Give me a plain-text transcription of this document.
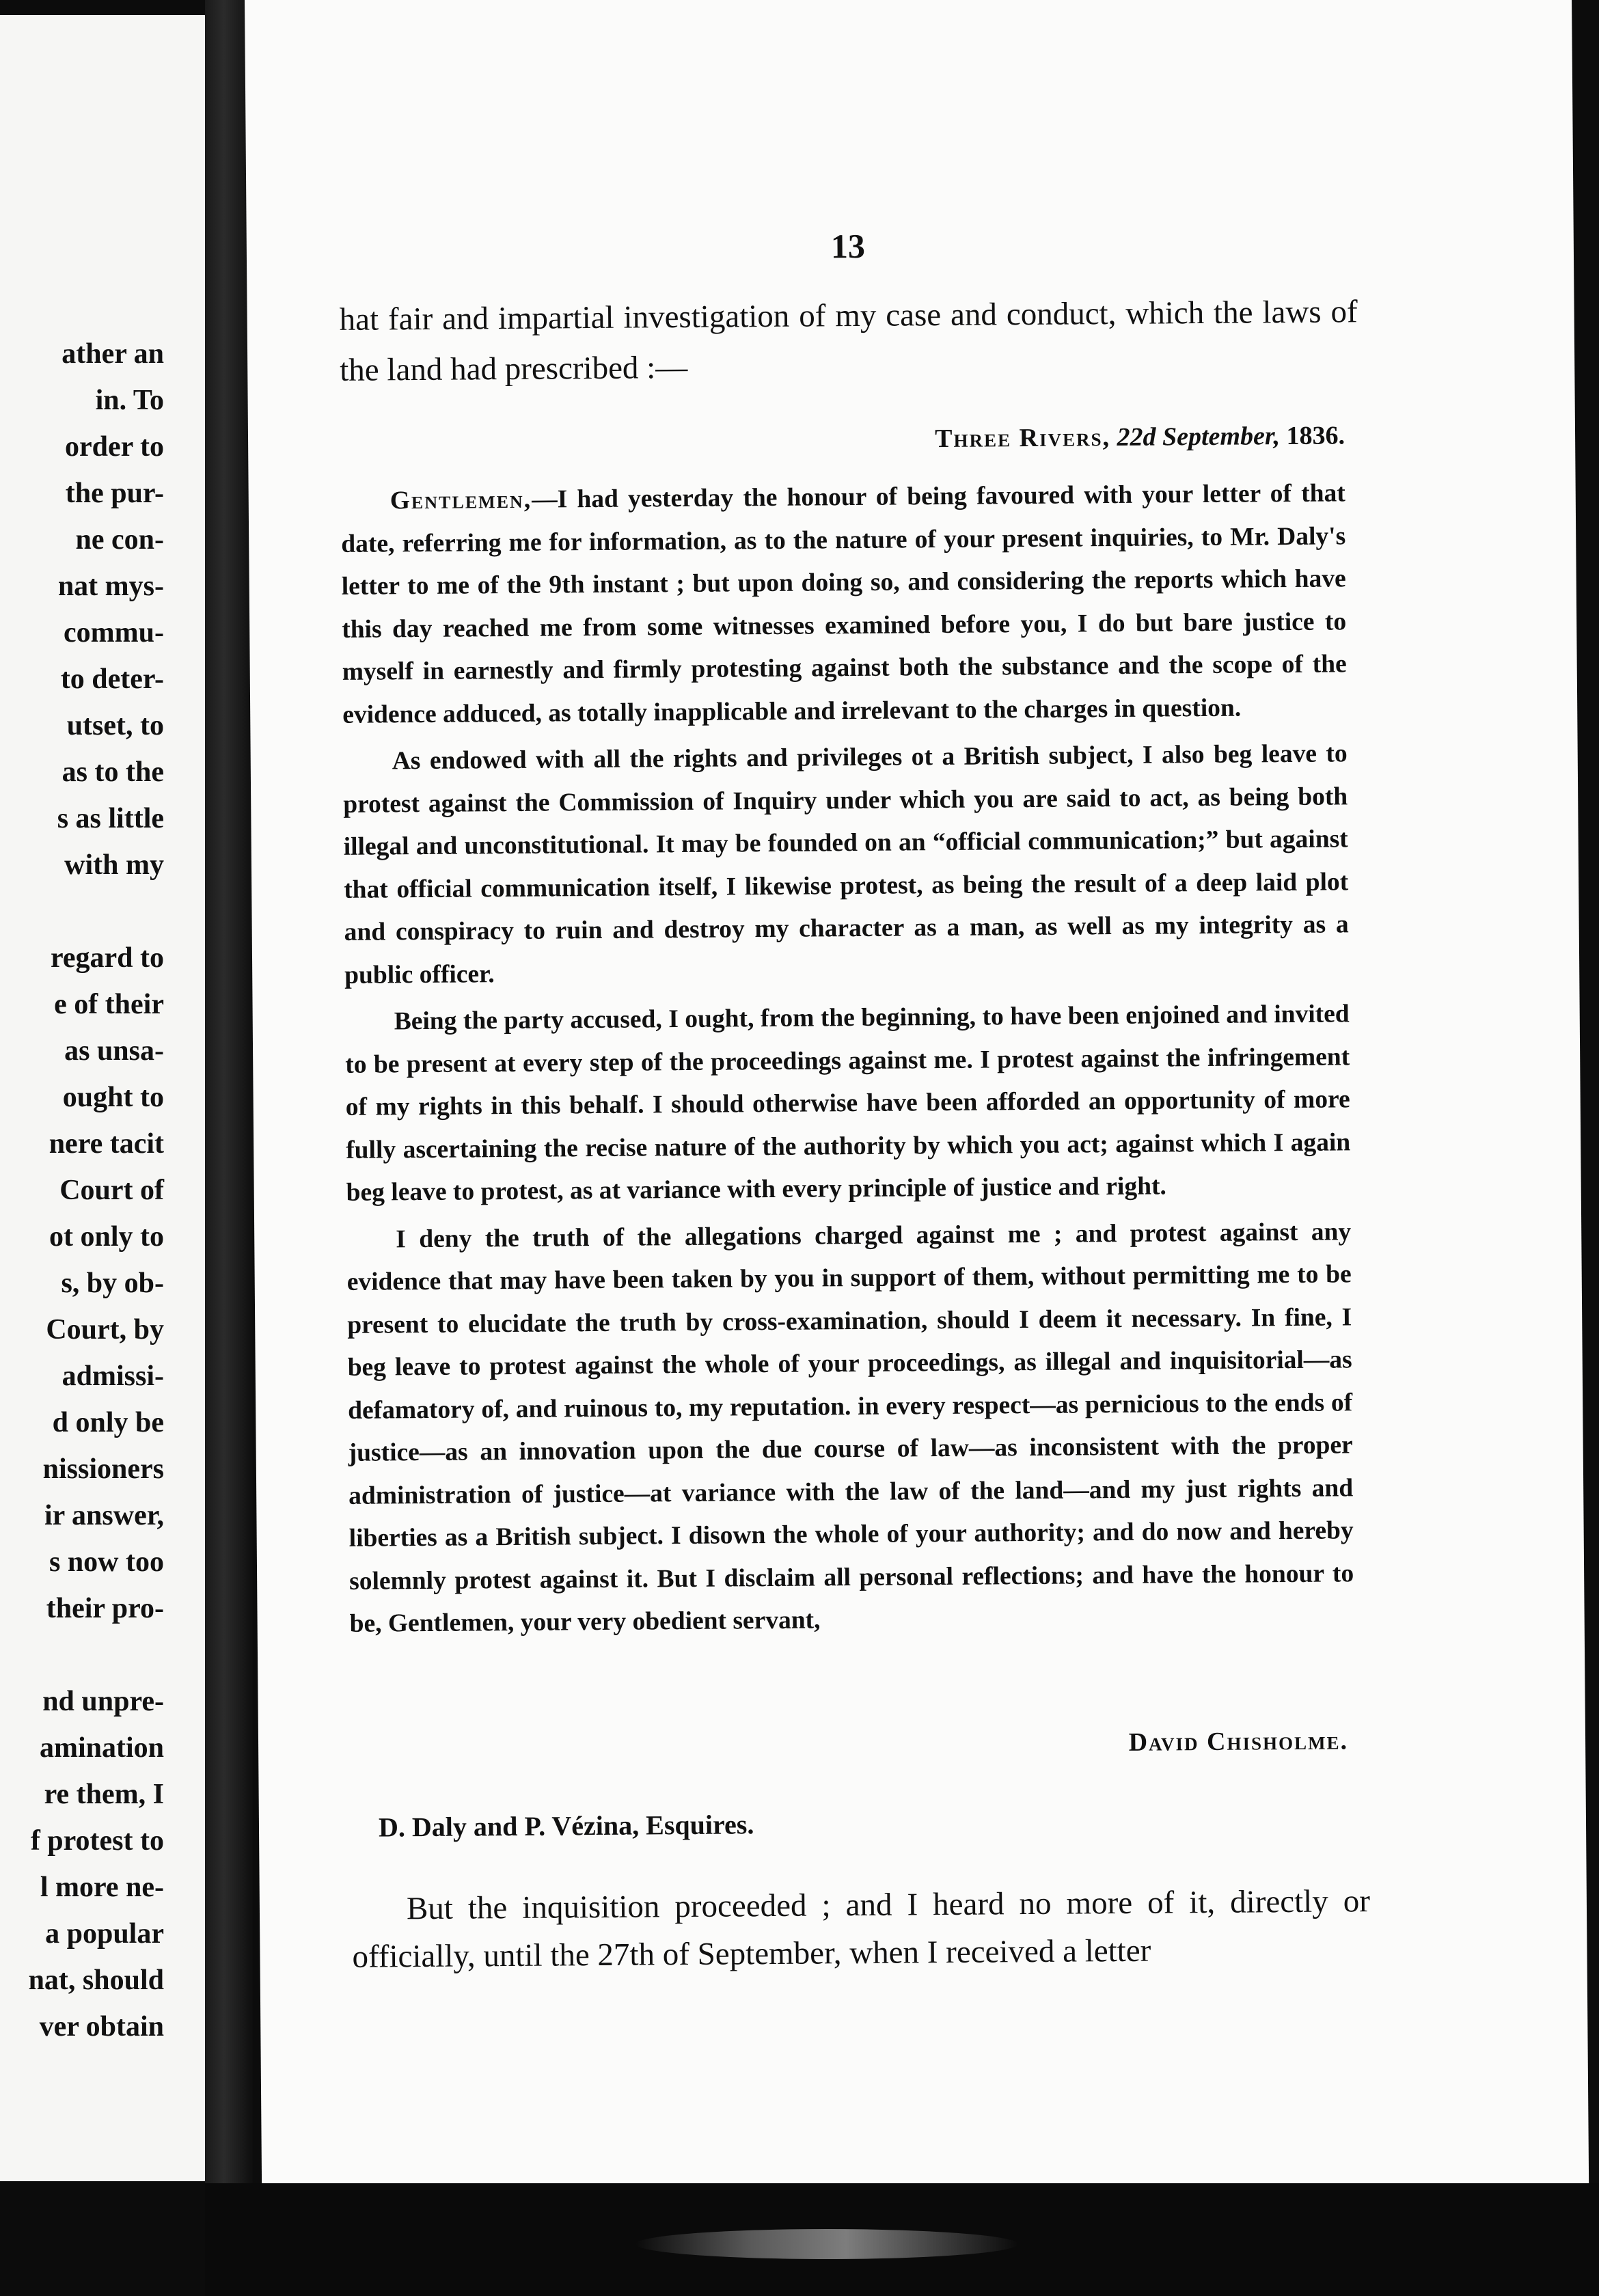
ather an
in. To
order to
the pur-
ne con-
nat mys-
commu-
to deter-
utset, to
as to the
s as little
with my
regard to
e of their
as unsa-
ought to
nere tacit
Court of
ot only to
s, by ob-
Court, by
admissi-
d only be
nissioners
ir answer,
s now too
their pro-
nd unpre-
amination
re them, I
f protest to
l more ne-
a popular
nat, should
ver obtain
13

hat fair and impartial investigation of my case and conduct, which the laws of the land had prescribed :—

Three Rivers, 22d September, 1836.

Gentlemen,—I had yesterday the honour of being favoured with your letter of that date, referring me for information, as to the nature of your present inquiries, to Mr. Daly's letter to me of the 9th instant ; but upon doing so, and considering the reports which have this day reached me from some witnesses examined before you, I do but bare justice to myself in earnestly and firmly protesting against both the substance and the scope of the evidence adduced, as totally inapplicable and irrelevant to the charges in question.

As endowed with all the rights and privileges ot a British subject, I also beg leave to protest against the Commission of Inquiry under which you are said to act, as being both illegal and unconstitutional. It may be founded on an “official communication;” but against that official communication itself, I likewise protest, as being the result of a deep laid plot and conspiracy to ruin and destroy my character as a man, as well as my integrity as a public officer.

Being the party accused, I ought, from the beginning, to have been enjoined and invited to be present at every step of the proceedings against me. I protest against the infringement of my rights in this behalf. I should otherwise have been afforded an opportunity of more fully ascertaining the recise nature of the authority by which you act; against which I again beg leave to protest, as at variance with every principle of justice and right.

I deny the truth of the allegations charged against me ; and protest against any evidence that may have been taken by you in support of them, without permitting me to be present to elucidate the truth by cross-examination, should I deem it necessary. In fine, I beg leave to protest against the whole of your proceedings, as illegal and inquisitorial—as defamatory of, and ruinous to, my reputation. in every respect—as pernicious to the ends of justice—as an innovation upon the due course of law—as inconsistent with the proper administration of justice—at variance with the law of the land—and my just rights and liberties as a British subject. I disown the whole of your authority; and do now and hereby solemnly protest against it. But I disclaim all personal reflections; and have the honour to be, Gentlemen, your very obedient servant,

David Chisholme.

D. Daly and P. Vézina, Esquires.

But the inquisition proceeded ; and I heard no more of it, directly or officially, until the 27th of September, when I received a letter
